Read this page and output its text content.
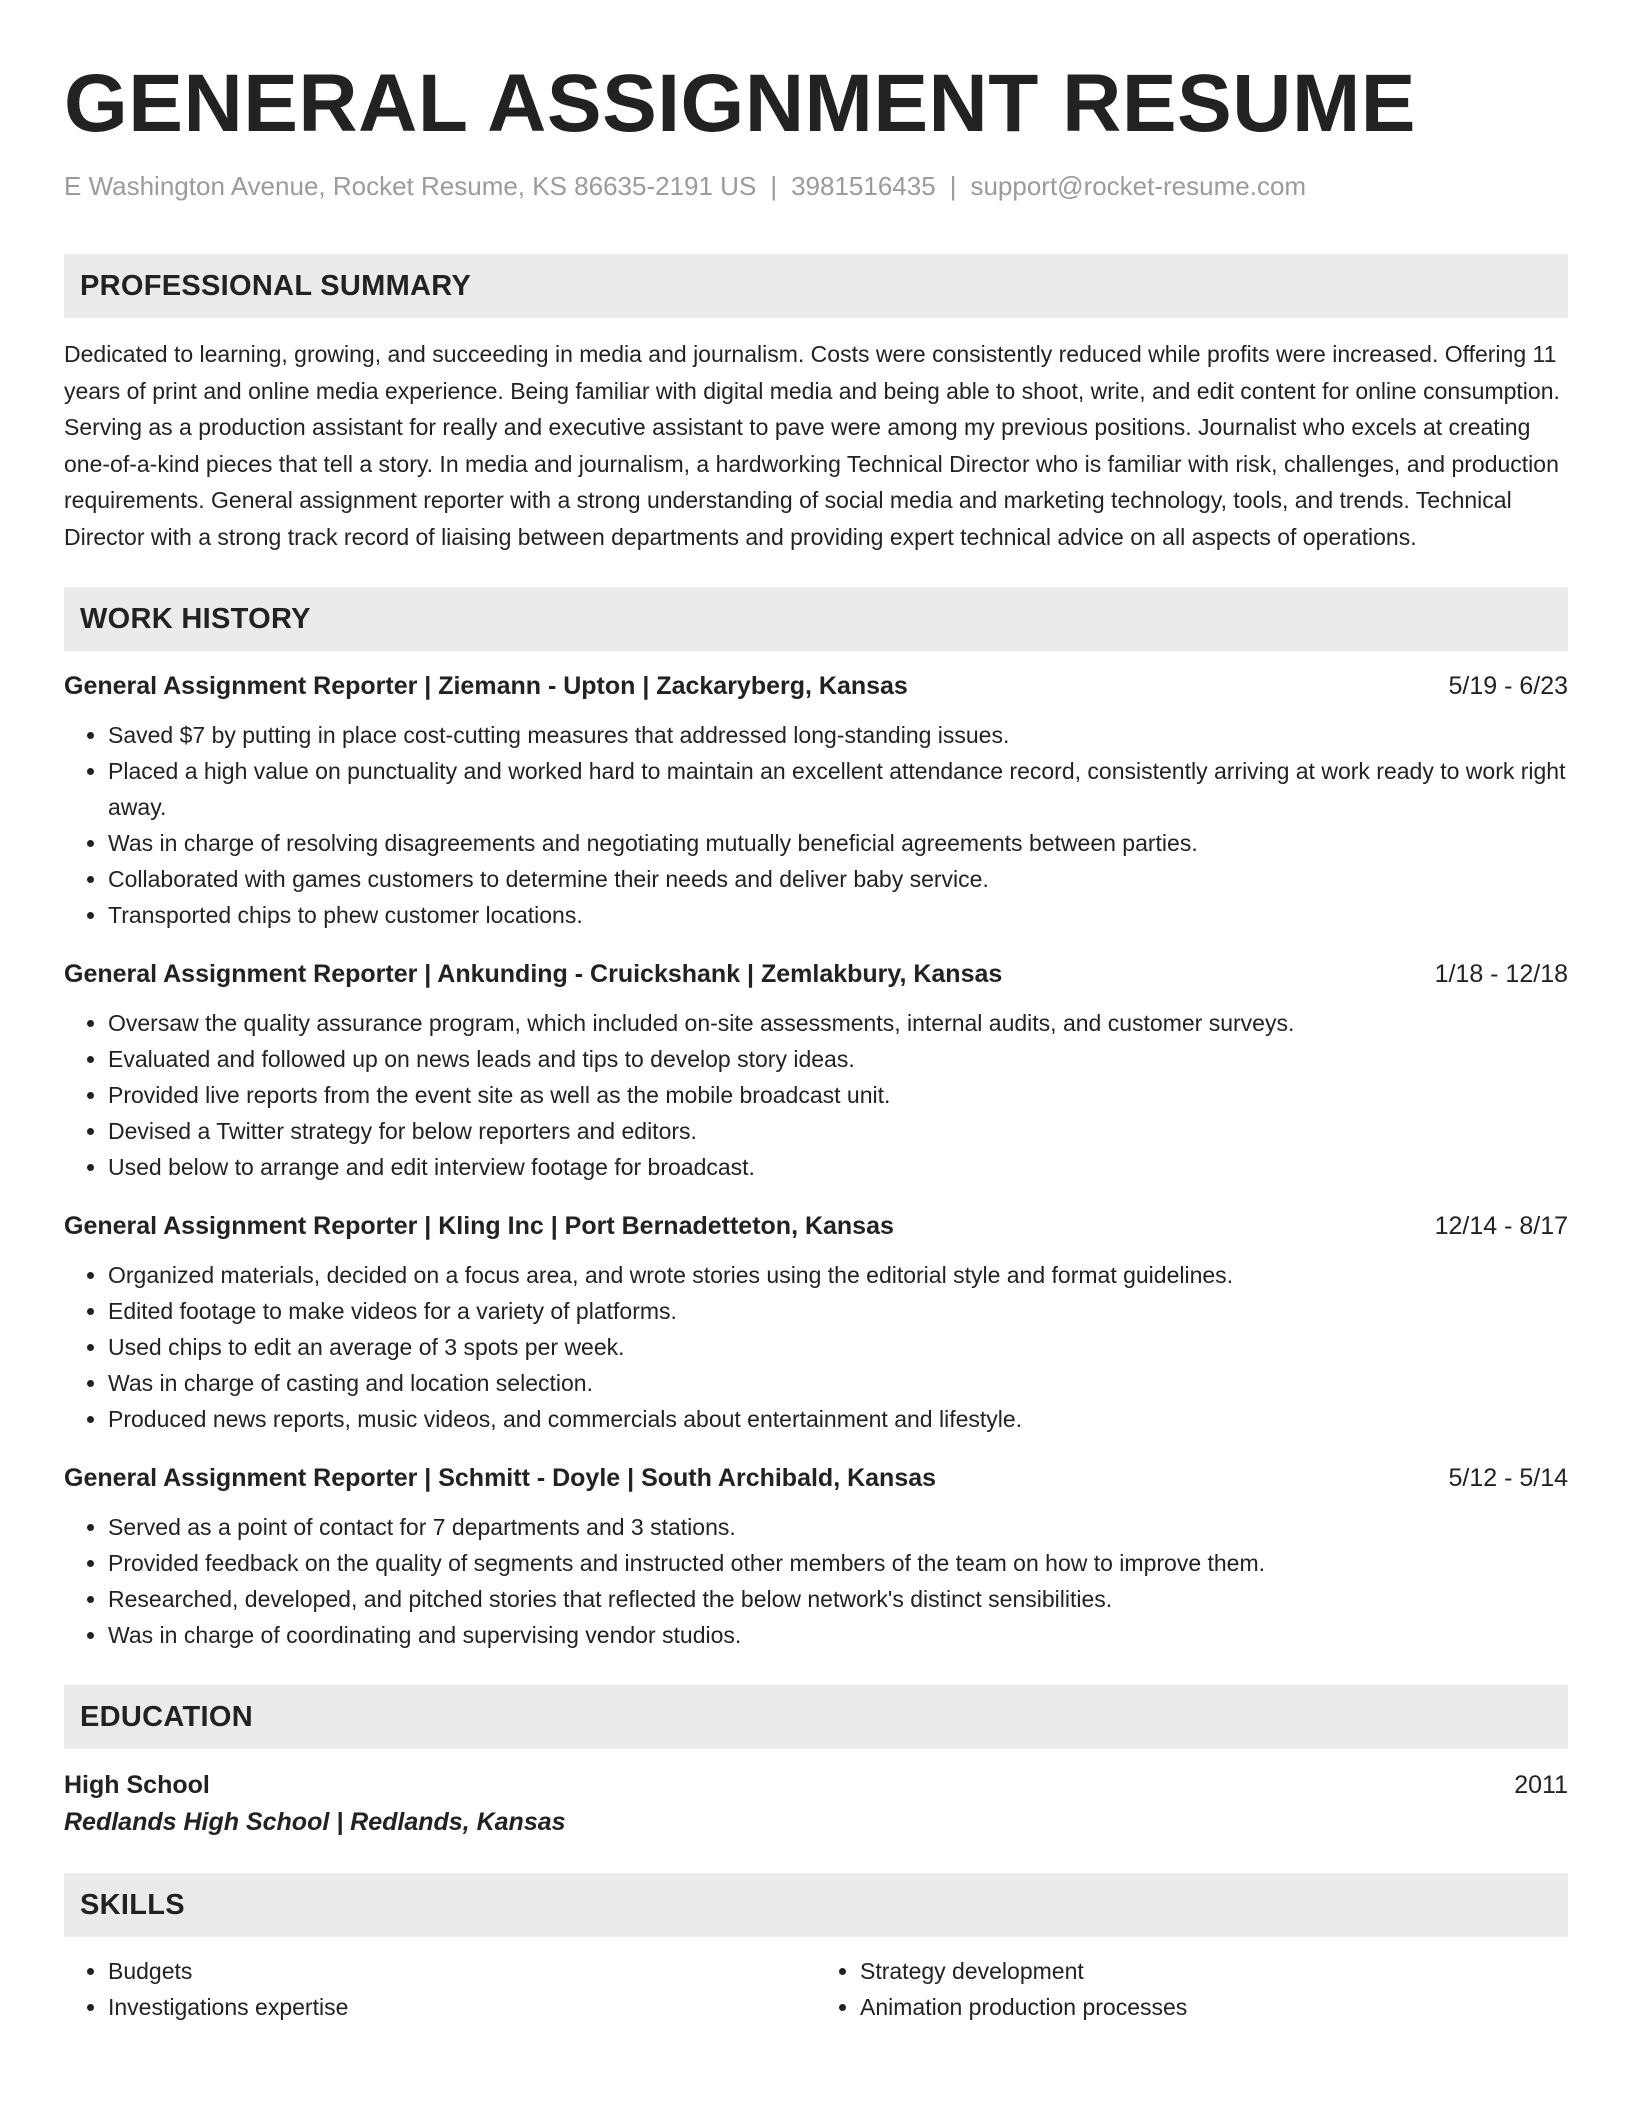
GENERAL ASSIGNMENT RESUME
E Washington Avenue, Rocket Resume, KS 86635-2191 US | 3981516435 | support@rocket-resume.com
PROFESSIONAL SUMMARY
Dedicated to learning, growing, and succeeding in media and journalism. Costs were consistently reduced while profits were increased. Offering 11 years of print and online media experience. Being familiar with digital media and being able to shoot, write, and edit content for online consumption. Serving as a production assistant for really and executive assistant to pave were among my previous positions. Journalist who excels at creating one-of-a-kind pieces that tell a story. In media and journalism, a hardworking Technical Director who is familiar with risk, challenges, and production requirements. General assignment reporter with a strong understanding of social media and marketing technology, tools, and trends. Technical Director with a strong track record of liaising between departments and providing expert technical advice on all aspects of operations.
WORK HISTORY
General Assignment Reporter | Ziemann - Upton | Zackaryberg, Kansas	5/19 - 6/23
• Saved $7 by putting in place cost-cutting measures that addressed long-standing issues.
• Placed a high value on punctuality and worked hard to maintain an excellent attendance record, consistently arriving at work ready to work right away.
• Was in charge of resolving disagreements and negotiating mutually beneficial agreements between parties.
• Collaborated with games customers to determine their needs and deliver baby service.
• Transported chips to phew customer locations.
General Assignment Reporter | Ankunding - Cruickshank | Zemlakbury, Kansas	1/18 - 12/18
• Oversaw the quality assurance program, which included on-site assessments, internal audits, and customer surveys.
• Evaluated and followed up on news leads and tips to develop story ideas.
• Provided live reports from the event site as well as the mobile broadcast unit.
• Devised a Twitter strategy for below reporters and editors.
• Used below to arrange and edit interview footage for broadcast.
General Assignment Reporter | Kling Inc | Port Bernadetteton, Kansas	12/14 - 8/17
• Organized materials, decided on a focus area, and wrote stories using the editorial style and format guidelines.
• Edited footage to make videos for a variety of platforms.
• Used chips to edit an average of 3 spots per week.
• Was in charge of casting and location selection.
• Produced news reports, music videos, and commercials about entertainment and lifestyle.
General Assignment Reporter | Schmitt - Doyle | South Archibald, Kansas	5/12 - 5/14
• Served as a point of contact for 7 departments and 3 stations.
• Provided feedback on the quality of segments and instructed other members of the team on how to improve them.
• Researched, developed, and pitched stories that reflected the below network's distinct sensibilities.
• Was in charge of coordinating and supervising vendor studios.
EDUCATION
High School	2011
Redlands High School | Redlands, Kansas
SKILLS
• Budgets
• Investigations expertise
• Strategy development
• Animation production processes
